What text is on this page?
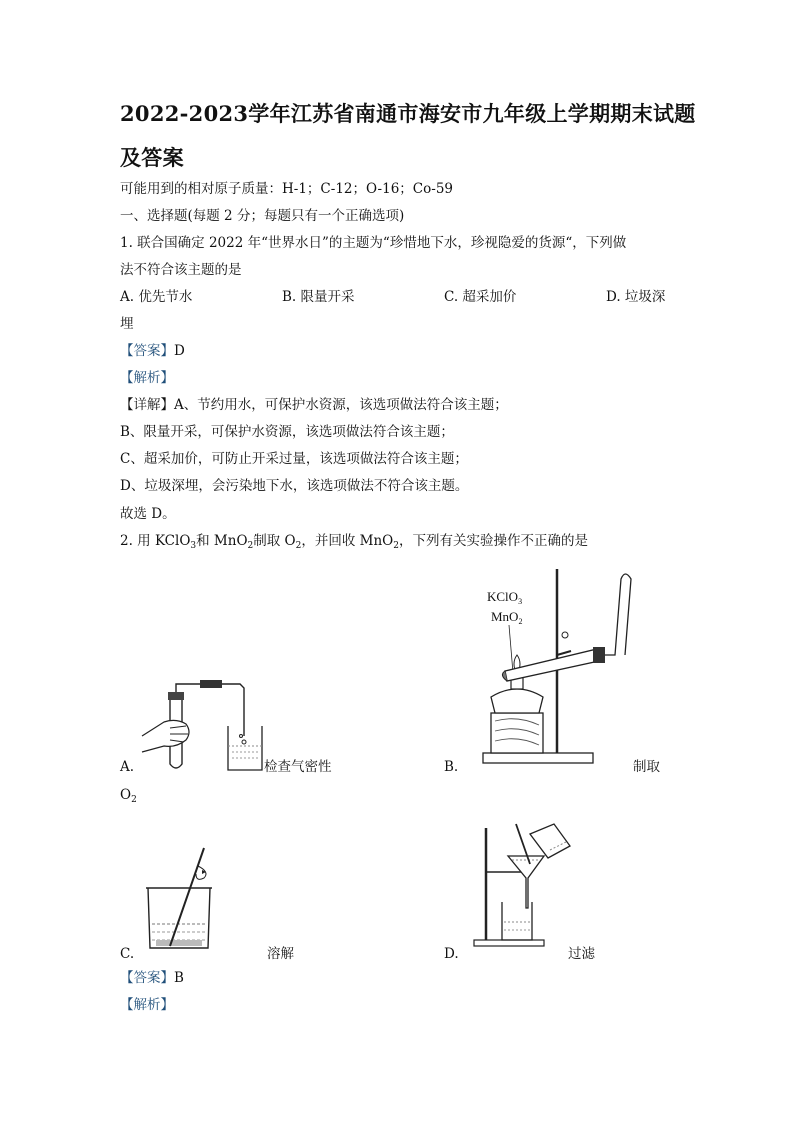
2022-2023学年江苏省南通市海安市九年级上学期期末试题
及答案
可能用到的相对原子质量：H-1；C-12；O-16；Co-59
一、选择题(每题 2 分；每题只有一个正确选项)
1. 联合国确定 2022 年“世界水日”的主题为“珍惜地下水，珍视隐爱的货源“，下列做
法不符合该主题的是
A. 优先节水	B. 限量开采	C. 超采加价	D. 垃圾深
埋
【答案】D
【解析】
【详解】A、节约用水，可保护水资源，该选项做法符合该主题；
B、限量开采，可保护水资源，该选项做法符合该主题；
C、超采加价，可防止开采过量，该选项做法符合该主题；
D、垃圾深埋，会污染地下水，该选项做法不符合该主题。
故选 D。
2. 用 KClO$_3$和 MnO$_2$制取 $O_2$，并回收 MnO$_2$，下列有关实验操作不正确的是
A.	检查气密性
KClO$_3$
MnO$_2$
B.	制取
$O_2$
C.	溶解	D.	过滤
【答案】B
【解析】
